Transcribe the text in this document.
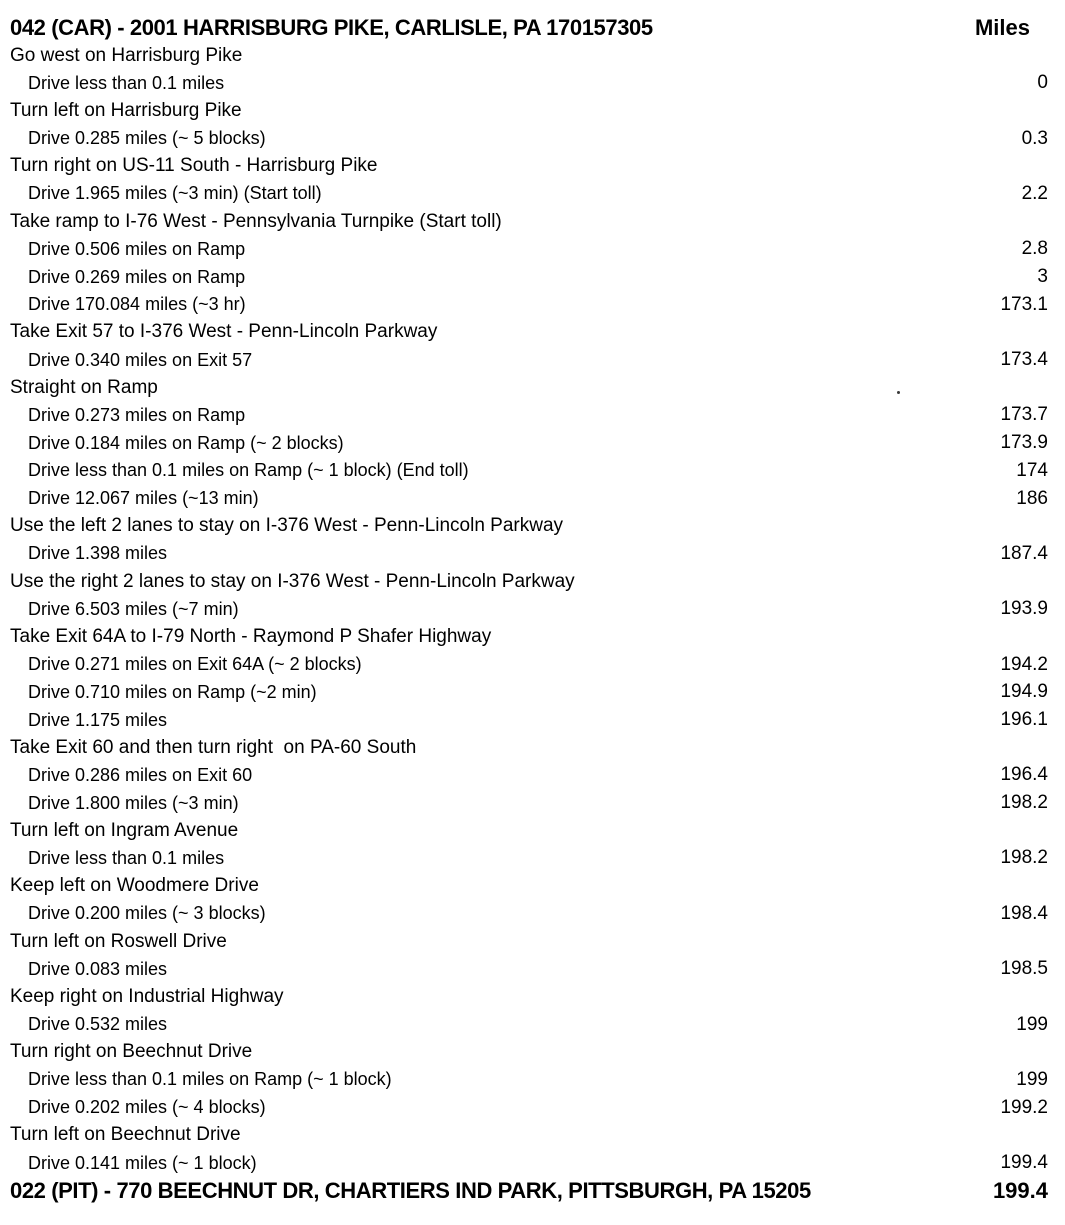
042 (CAR) - 2001 HARRISBURG PIKE, CARLISLE, PA 170157305	Miles
Go west on Harrisburg Pike
Drive less than 0.1 miles	0
Turn left on Harrisburg Pike
Drive 0.285 miles (~ 5 blocks)	0.3
Turn right on US-11 South - Harrisburg Pike
Drive 1.965 miles (~3 min) (Start toll)	2.2
Take ramp to I-76 West - Pennsylvania Turnpike (Start toll)
Drive 0.506 miles on Ramp	2.8
Drive 0.269 miles on Ramp	3
Drive 170.084 miles (~3 hr)	173.1
Take Exit 57 to I-376 West - Penn-Lincoln Parkway
Drive 0.340 miles on Exit 57	173.4
Straight on Ramp
Drive 0.273 miles on Ramp	173.7
Drive 0.184 miles on Ramp (~ 2 blocks)	173.9
Drive less than 0.1 miles on Ramp (~ 1 block) (End toll)	174
Drive 12.067 miles (~13 min)	186
Use the left 2 lanes to stay on I-376 West - Penn-Lincoln Parkway
Drive 1.398 miles	187.4
Use the right 2 lanes to stay on I-376 West - Penn-Lincoln Parkway
Drive 6.503 miles (~7 min)	193.9
Take Exit 64A to I-79 North - Raymond P Shafer Highway
Drive 0.271 miles on Exit 64A (~ 2 blocks)	194.2
Drive 0.710 miles on Ramp (~2 min)	194.9
Drive 1.175 miles	196.1
Take Exit 60 and then turn right  on PA-60 South
Drive 0.286 miles on Exit 60	196.4
Drive 1.800 miles (~3 min)	198.2
Turn left on Ingram Avenue
Drive less than 0.1 miles	198.2
Keep left on Woodmere Drive
Drive 0.200 miles (~ 3 blocks)	198.4
Turn left on Roswell Drive
Drive 0.083 miles	198.5
Keep right on Industrial Highway
Drive 0.532 miles	199
Turn right on Beechnut Drive
Drive less than 0.1 miles on Ramp (~ 1 block)	199
Drive 0.202 miles (~ 4 blocks)	199.2
Turn left on Beechnut Drive
Drive 0.141 miles (~ 1 block)	199.4
022 (PIT) - 770 BEECHNUT DR, CHARTIERS IND PARK, PITTSBURGH, PA 15205	199.4
